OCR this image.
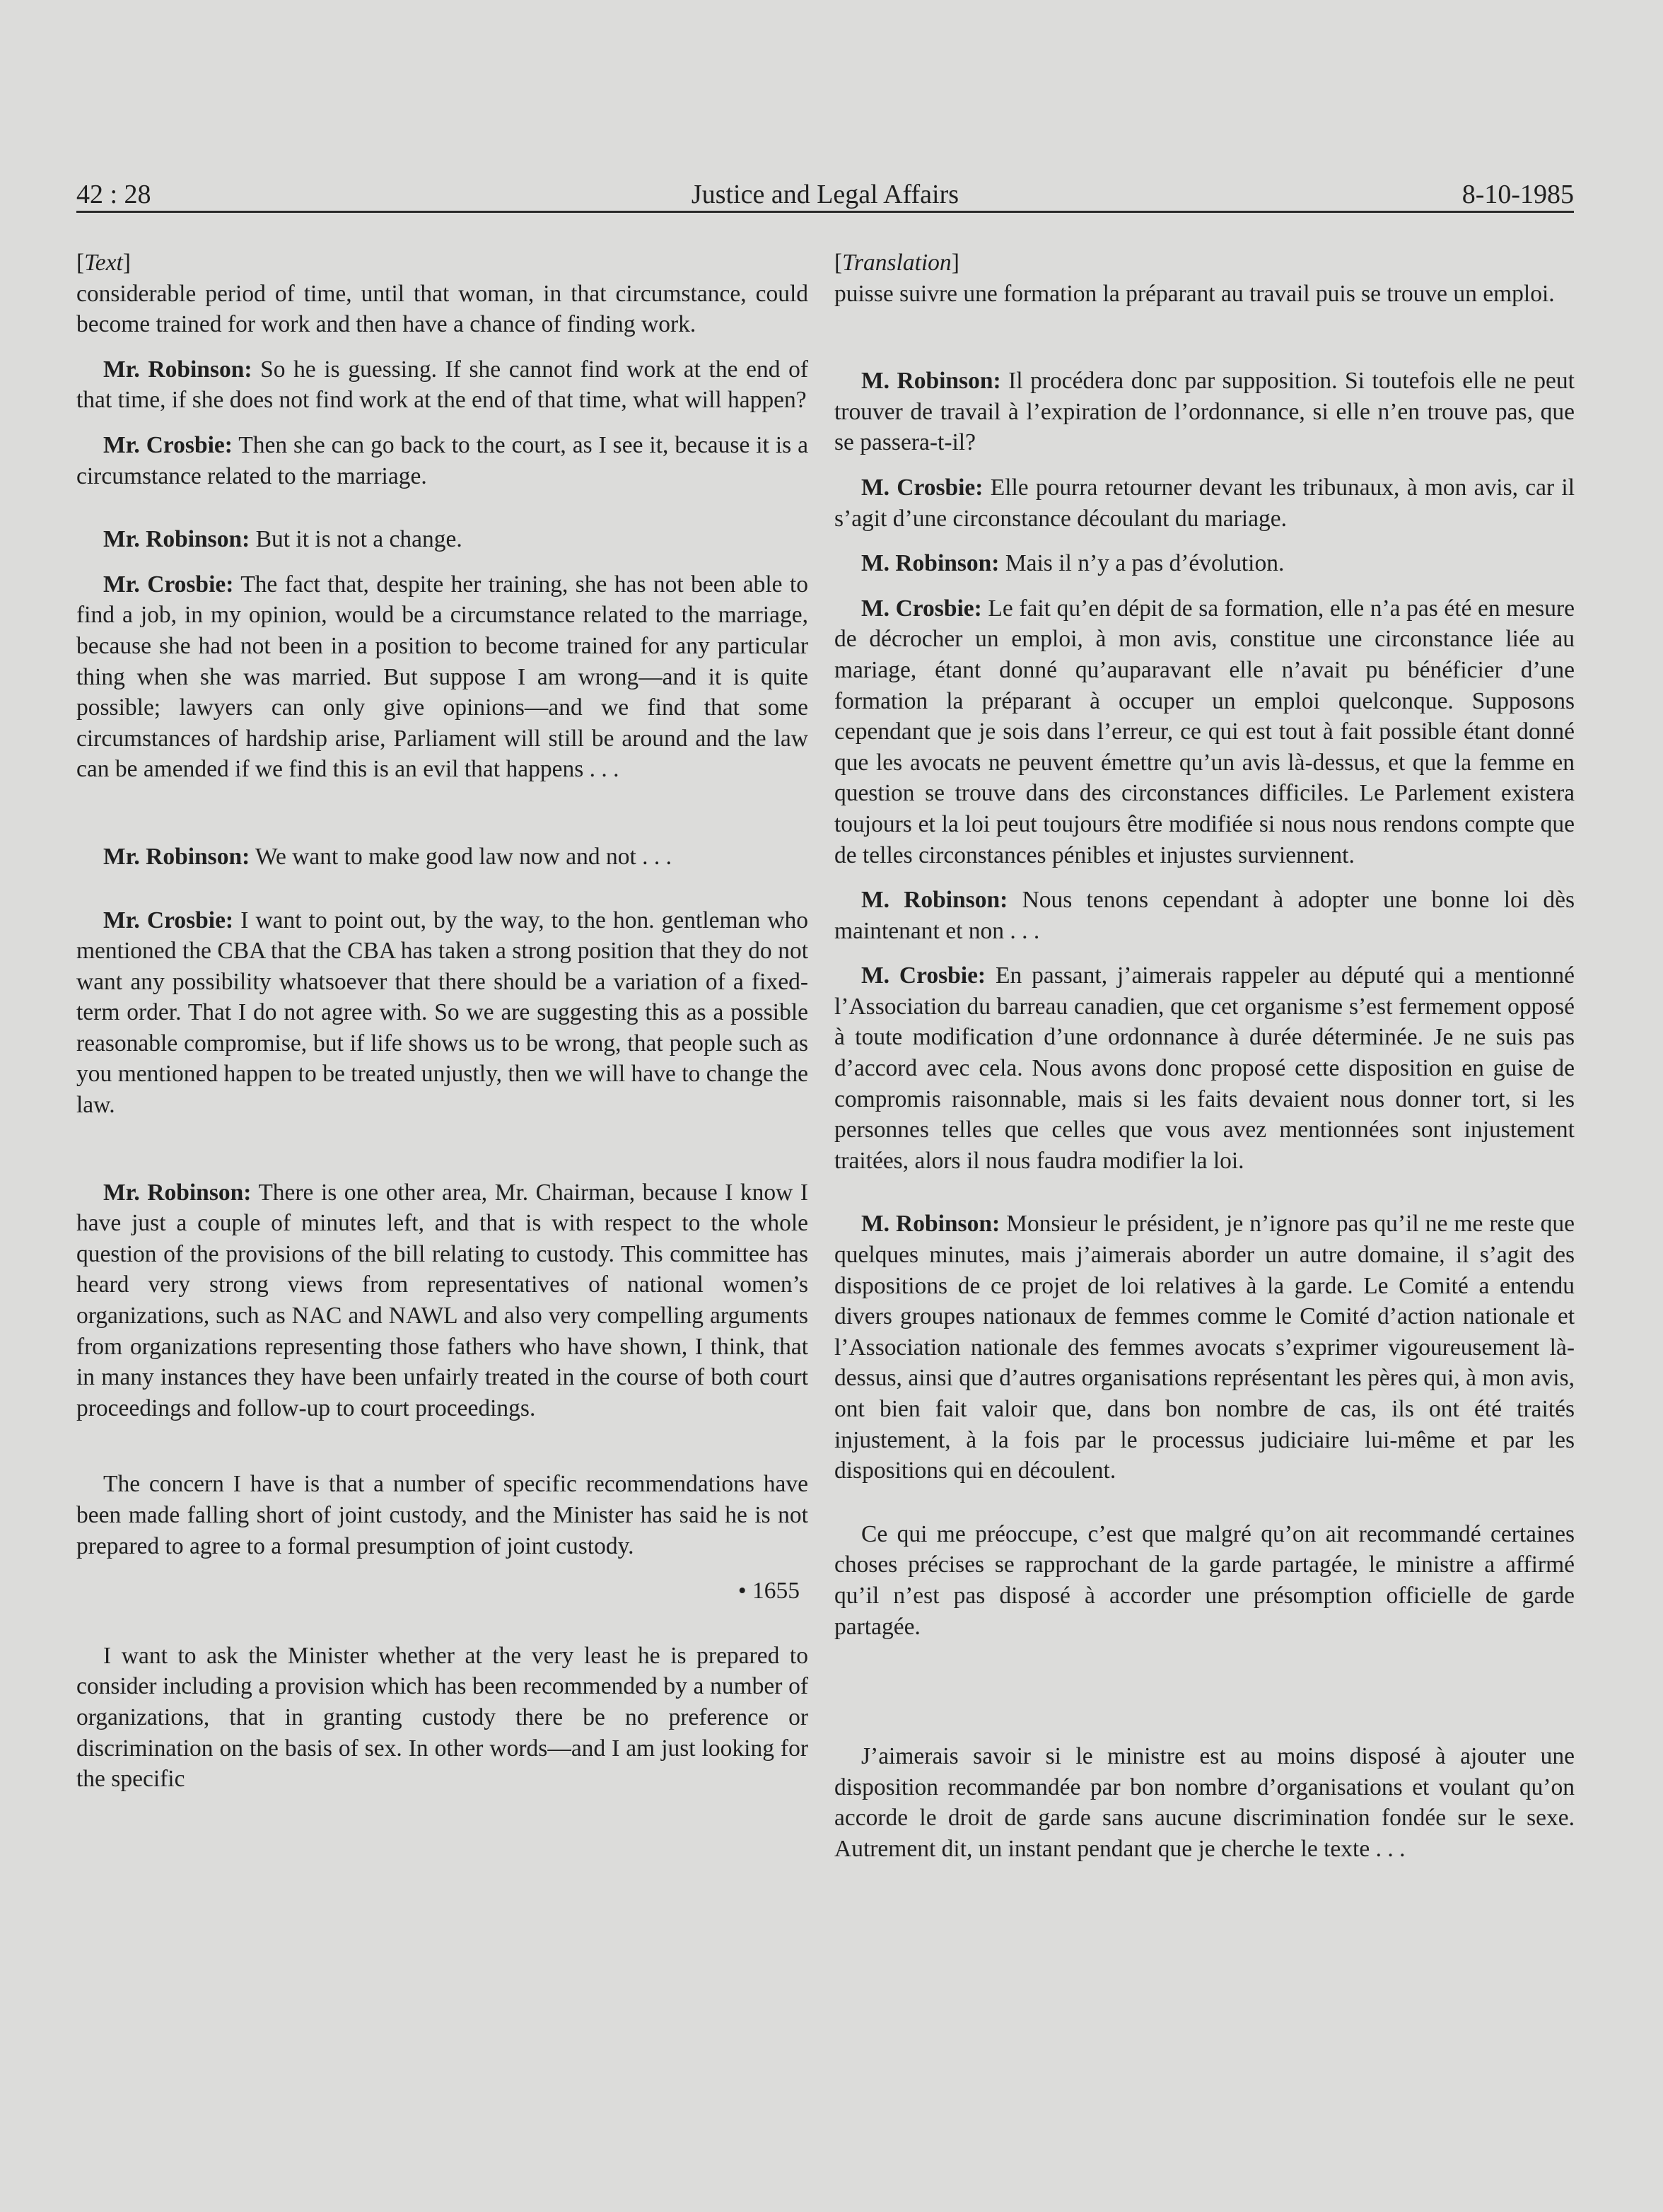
42 : 28	Justice and Legal Affairs	8-10-1985
[Text]

considerable period of time, until that woman, in that circumstance, could become trained for work and then have a chance of finding work.

Mr. Robinson: So he is guessing. If she cannot find work at the end of that time, if she does not find work at the end of that time, what will happen?

Mr. Crosbie: Then she can go back to the court, as I see it, because it is a circumstance related to the marriage.

Mr. Robinson: But it is not a change.

Mr. Crosbie: The fact that, despite her training, she has not been able to find a job, in my opinion, would be a circumstance related to the marriage, because she had not been in a position to become trained for any particular thing when she was married. But suppose I am wrong—and it is quite possible; lawyers can only give opinions—and we find that some circumstances of hardship arise, Parliament will still be around and the law can be amended if we find this is an evil that happens . . .

Mr. Robinson: We want to make good law now and not . . .

Mr. Crosbie: I want to point out, by the way, to the hon. gentleman who mentioned the CBA that the CBA has taken a strong position that they do not want any possibility whatsoever that there should be a variation of a fixed-term order. That I do not agree with. So we are suggesting this as a possible reasonable compromise, but if life shows us to be wrong, that people such as you mentioned happen to be treated unjustly, then we will have to change the law.

Mr. Robinson: There is one other area, Mr. Chairman, because I know I have just a couple of minutes left, and that is with respect to the whole question of the provisions of the bill relating to custody. This committee has heard very strong views from representatives of national women’s organizations, such as NAC and NAWL and also very compelling arguments from organizations representing those fathers who have shown, I think, that in many instances they have been unfairly treated in the course of both court proceedings and follow-up to court proceedings.

The concern I have is that a number of specific recommendations have been made falling short of joint custody, and the Minister has said he is not prepared to agree to a formal presumption of joint custody.

• 1655

I want to ask the Minister whether at the very least he is prepared to consider including a provision which has been recommended by a number of organizations, that in granting custody there be no preference or discrimination on the basis of sex. In other words—and I am just looking for the specific

[Translation]

puisse suivre une formation la préparant au travail puis se trouve un emploi.

M. Robinson: Il procédera donc par supposition. Si toutefois elle ne peut trouver de travail à l’expiration de l’ordonnance, si elle n’en trouve pas, que se passera-t-il?

M. Crosbie: Elle pourra retourner devant les tribunaux, à mon avis, car il s’agit d’une circonstance découlant du mariage.

M. Robinson: Mais il n’y a pas d’évolution.

M. Crosbie: Le fait qu’en dépit de sa formation, elle n’a pas été en mesure de décrocher un emploi, à mon avis, constitue une circonstance liée au mariage, étant donné qu’auparavant elle n’avait pu bénéficier d’une formation la préparant à occuper un emploi quelconque. Supposons cependant que je sois dans l’erreur, ce qui est tout à fait possible étant donné que les avocats ne peuvent émettre qu’un avis là-dessus, et que la femme en question se trouve dans des circonstances difficiles. Le Parlement existera toujours et la loi peut toujours être modifiée si nous nous rendons compte que de telles circonstances pénibles et injustes surviennent.

M. Robinson: Nous tenons cependant à adopter une bonne loi dès maintenant et non . . .

M. Crosbie: En passant, j’aimerais rappeler au député qui a mentionné l’Association du barreau canadien, que cet organisme s’est fermement opposé à toute modification d’une ordonnance à durée déterminée. Je ne suis pas d’accord avec cela. Nous avons donc proposé cette disposition en guise de compromis raisonnable, mais si les faits devaient nous donner tort, si les personnes telles que celles que vous avez mentionnées sont injustement traitées, alors il nous faudra modifier la loi.

M. Robinson: Monsieur le président, je n’ignore pas qu’il ne me reste que quelques minutes, mais j’aimerais aborder un autre domaine, il s’agit des dispositions de ce projet de loi relatives à la garde. Le Comité a entendu divers groupes nationaux de femmes comme le Comité d’action nationale et l’Association nationale des femmes avocats s’exprimer vigoureusement là-dessus, ainsi que d’autres organisations représentant les pères qui, à mon avis, ont bien fait valoir que, dans bon nombre de cas, ils ont été traités injustement, à la fois par le processus judiciaire lui-même et par les dispositions qui en découlent.

Ce qui me préoccupe, c’est que malgré qu’on ait recommandé certaines choses précises se rapprochant de la garde partagée, le ministre a affirmé qu’il n’est pas disposé à accorder une présomption officielle de garde partagée.

J’aimerais savoir si le ministre est au moins disposé à ajouter une disposition recommandée par bon nombre d’organisations et voulant qu’on accorde le droit de garde sans aucune discrimination fondée sur le sexe. Autrement dit, un instant pendant que je cherche le texte . . .
